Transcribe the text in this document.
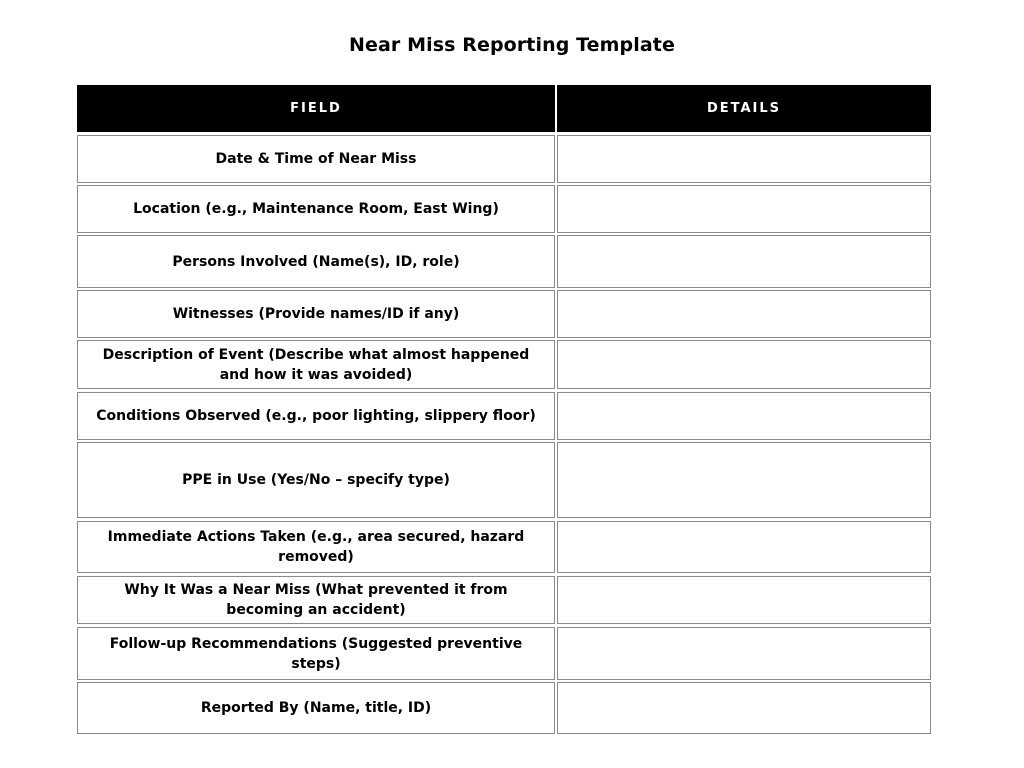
Near Miss Reporting Template
FIELD	DETAILS
Date & Time of Near Miss
Location (e.g., Maintenance Room, East Wing)
Persons Involved (Name(s), ID, role)
Witnesses (Provide names/ID if any)
Description of Event (Describe what almost happened and how it was avoided)
Conditions Observed (e.g., poor lighting, slippery floor)
PPE in Use (Yes/No – specify type)
Immediate Actions Taken (e.g., area secured, hazard removed)
Why It Was a Near Miss (What prevented it from becoming an accident)
Follow-up Recommendations (Suggested preventive steps)
Reported By (Name, title, ID)
